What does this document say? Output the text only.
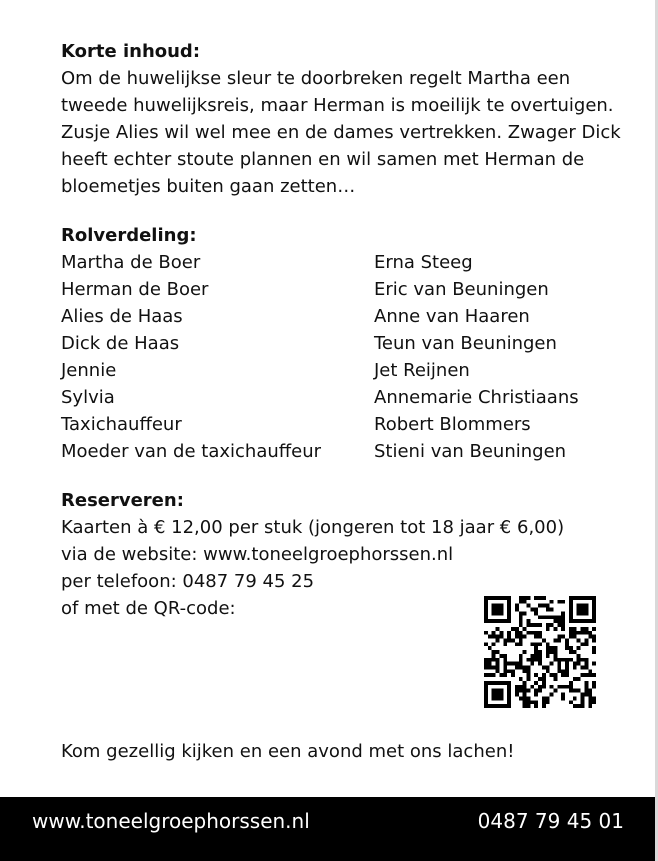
Korte inhoud:

Om de huwelijkse sleur te doorbreken regelt Martha een tweede huwelijksreis, maar Herman is moeilijk te overtuigen. Zusje Alies wil wel mee en de dames vertrekken. Zwager Dick heeft echter stoute plannen en wil samen met Herman de bloemetjes buiten gaan zetten…

Rolverdeling:
Martha de Boer	Erna Steeg
Herman de Boer	Eric van Beuningen
Alies de Haas	Anne van Haaren
Dick de Haas	Teun van Beuningen
Jennie	Jet Reijnen
Sylvia	Annemarie Christiaans
Taxichauffeur	Robert Blommers
Moeder van de taxichauffeur	Stieni van Beuningen
Reserveren:
Kaarten à € 12,00 per stuk (jongeren tot 18 jaar € 6,00)
via de website: www.toneelgroephorssen.nl
per telefoon: 0487 79 45 25
of met de QR-code:
Kom gezellig kijken en een avond met ons lachen!
www.toneelgroephorssen.nl	0487 79 45 01
